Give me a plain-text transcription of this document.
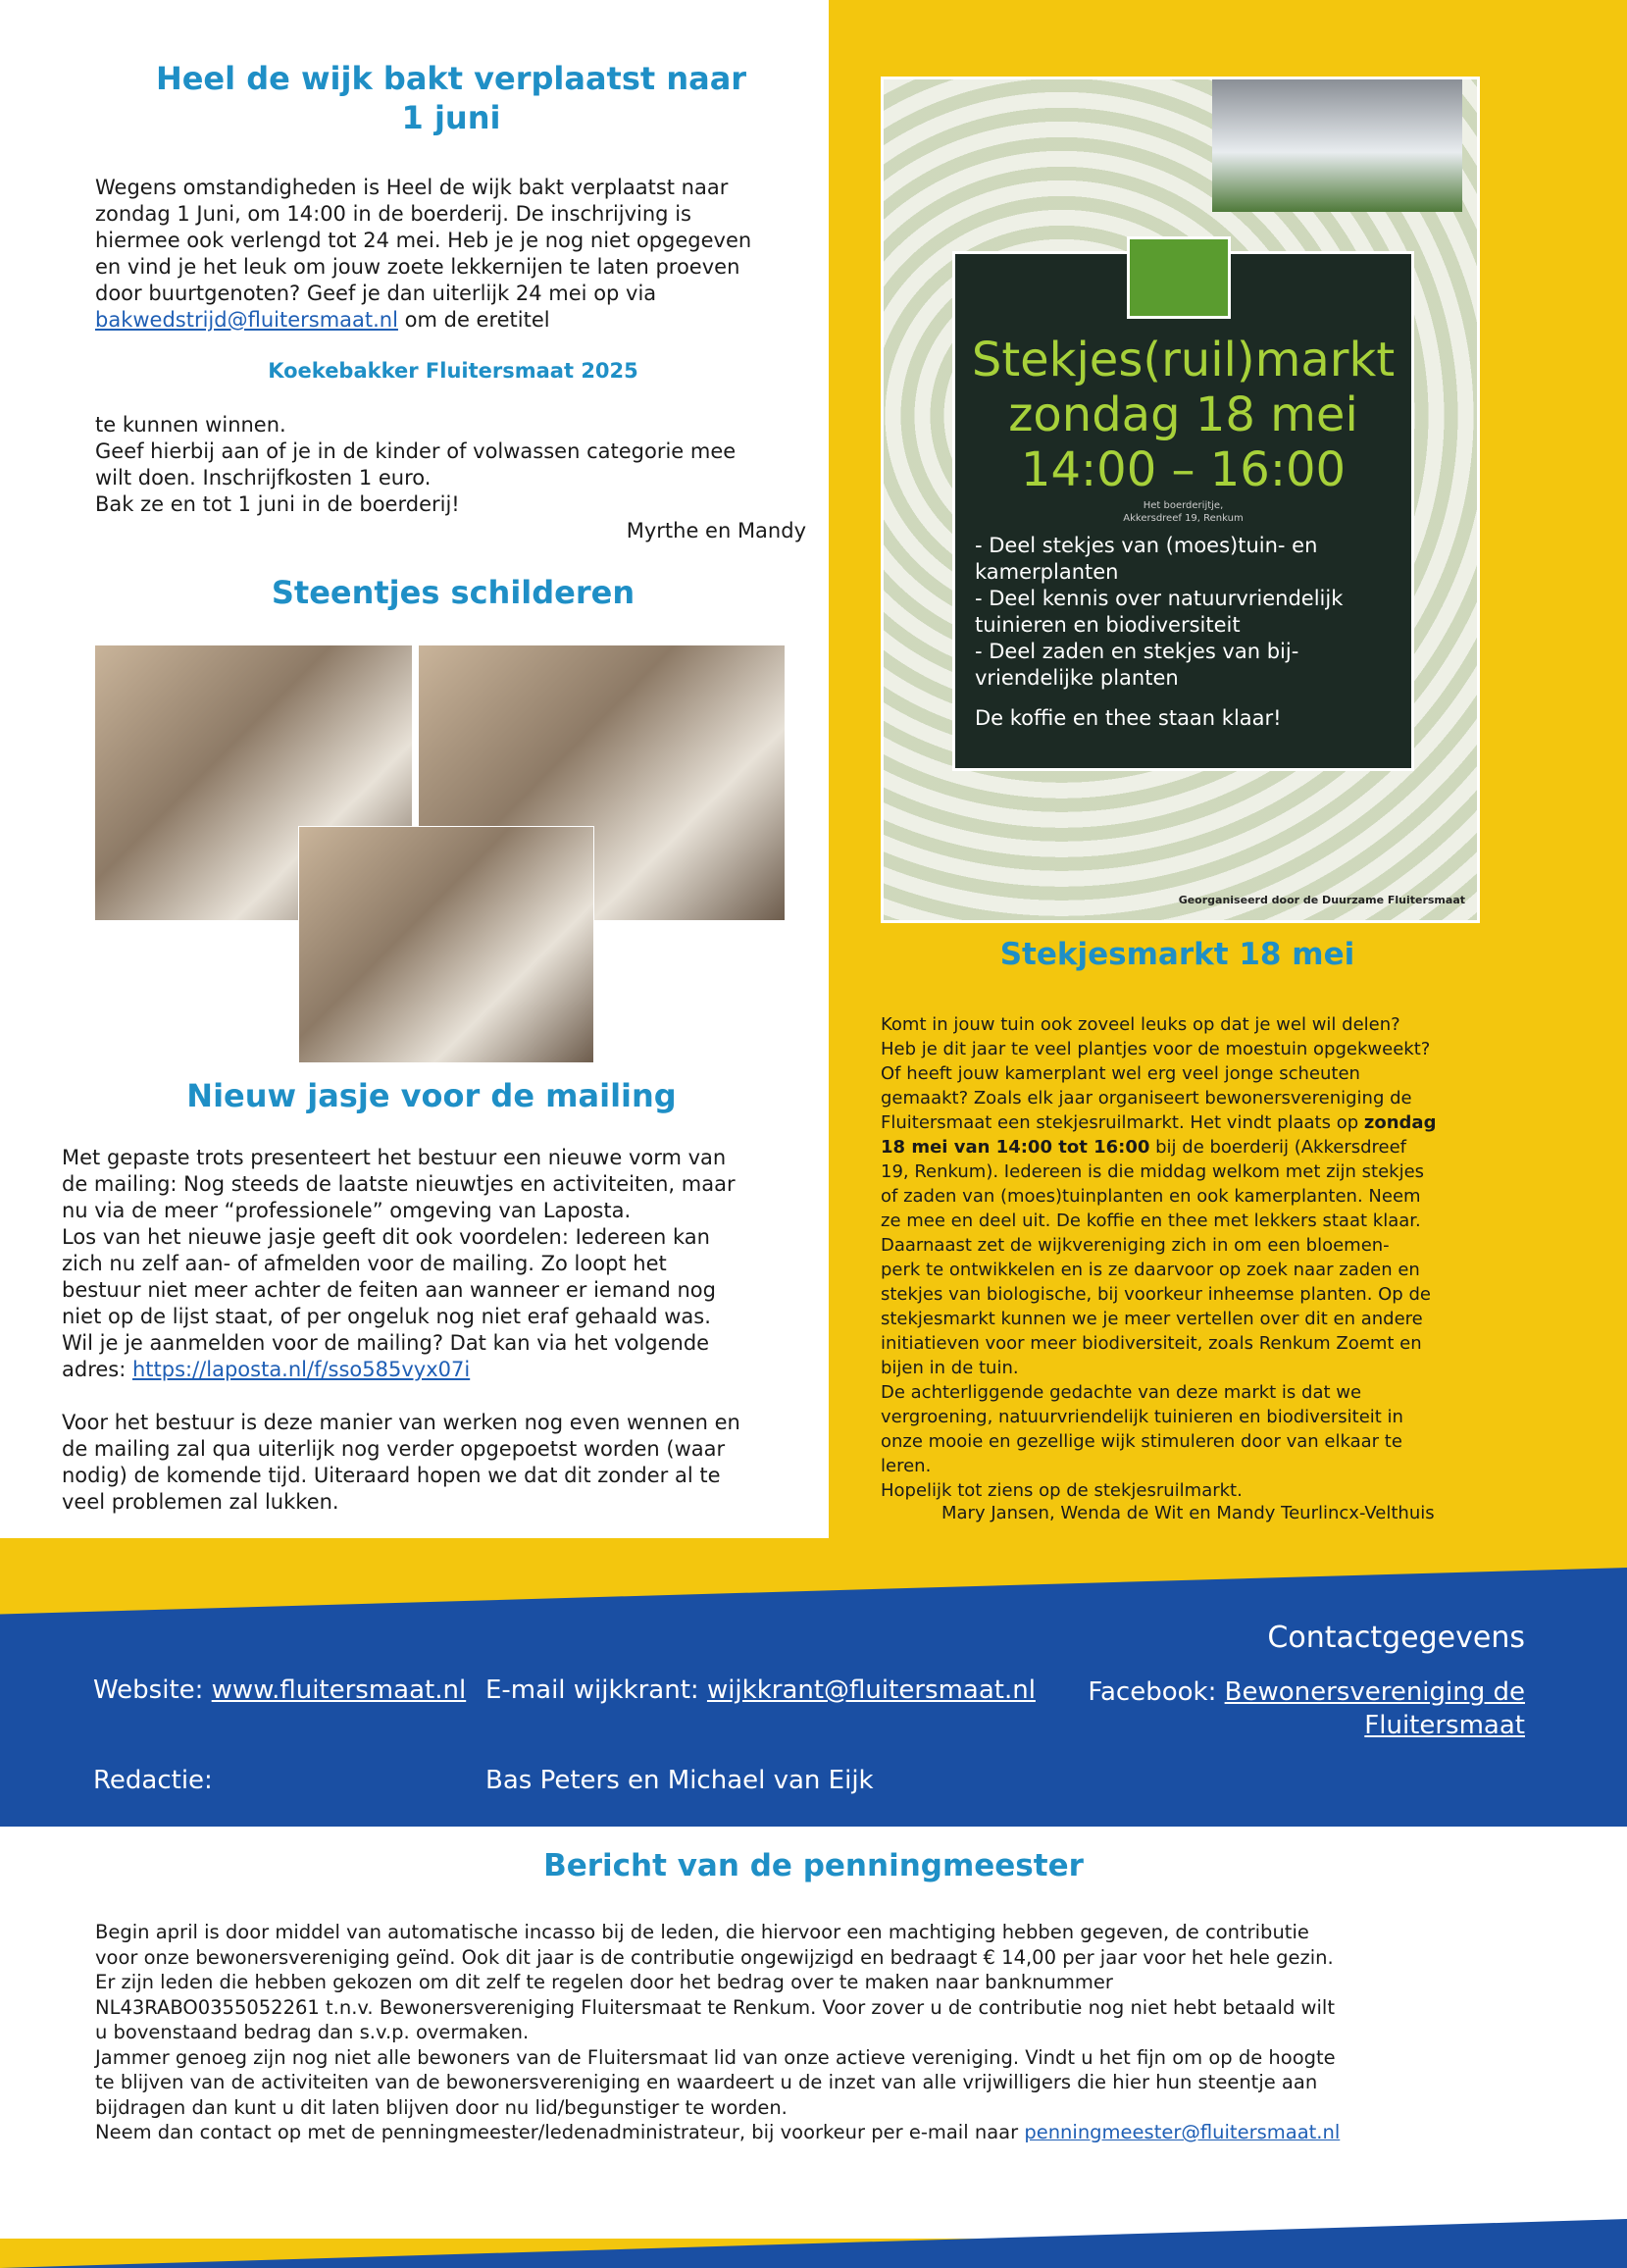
Heel de wijk bakt verplaatst naar
1 juni
Wegens omstandigheden is Heel de wijk bakt verplaatst naar
zondag 1 Juni, om 14:00 in de boerderij. De inschrijving is
hiermee ook verlengd tot 24 mei. Heb je je nog niet opgegeven
en vind je het leuk om jouw zoete lekkernijen te laten proeven
door buurtgenoten? Geef je dan uiterlijk 24 mei op via
bakwedstrijd@fluitersmaat.nl om de eretitel
Koekebakker Fluitersmaat 2025
te kunnen winnen.
Geef hierbij aan of je in de kinder of volwassen categorie mee
wilt doen. Inschrijfkosten 1 euro.
Bak ze en tot 1 juni in de boerderij!
Myrthe en Mandy
Steentjes schilderen
Nieuw jasje voor de mailing
Met gepaste trots presenteert het bestuur een nieuwe vorm van
de mailing: Nog steeds de laatste nieuwtjes en activiteiten, maar
nu via de meer “professionele” omgeving van Laposta.
Los van het nieuwe jasje geeft dit ook voordelen: Iedereen kan
zich nu zelf aan- of afmelden voor de mailing. Zo loopt het
bestuur niet meer achter de feiten aan wanneer er iemand nog
niet op de lijst staat, of per ongeluk nog niet eraf gehaald was.
Wil je je aanmelden voor de mailing? Dat kan via het volgende
adres: https://laposta.nl/f/sso585vyx07i
Voor het bestuur is deze manier van werken nog even wennen en
de mailing zal qua uiterlijk nog verder opgepoetst worden (waar
nodig) de komende tijd. Uiteraard hopen we dat dit zonder al te
veel problemen zal lukken.
Stekjes(ruil)markt
zondag 18 mei
14:00 – 16:00
Het boerderijtje,
Akkersdreef 19, Renkum
- Deel stekjes van (moes)tuin- en
kamerplanten
- Deel kennis over natuurvriendelijk
tuinieren en biodiversiteit
- Deel zaden en stekjes van bij-
vriendelijke planten
De koffie en thee staan klaar!
Georganiseerd door de Duurzame Fluitersmaat
Stekjesmarkt 18 mei
Komt in jouw tuin ook zoveel leuks op dat je wel wil delen?
Heb je dit jaar te veel plantjes voor de moestuin opgekweekt?
Of heeft jouw kamerplant wel erg veel jonge scheuten
gemaakt? Zoals elk jaar organiseert bewonersvereniging de
Fluitersmaat een stekjesruilmarkt. Het vindt plaats op zondag
18 mei van 14:00 tot 16:00 bij de boerderij (Akkersdreef
19, Renkum). Iedereen is die middag welkom met zijn stekjes
of zaden van (moes)tuinplanten en ook kamerplanten. Neem
ze mee en deel uit. De koffie en thee met lekkers staat klaar.
Daarnaast zet de wijkvereniging zich in om een bloemen-
perk te ontwikkelen en is ze daarvoor op zoek naar zaden en
stekjes van biologische, bij voorkeur inheemse planten. Op de
stekjesmarkt kunnen we je meer vertellen over dit en andere
initiatieven voor meer biodiversiteit, zoals Renkum Zoemt en
bijen in de tuin.
De achterliggende gedachte van deze markt is dat we
vergroening, natuurvriendelijk tuinieren en biodiversiteit in
onze mooie en gezellige wijk stimuleren door van elkaar te
leren.
Hopelijk tot ziens op de stekjesruilmarkt.
Mary Jansen, Wenda de Wit en Mandy Teurlincx-Velthuis
Contactgegevens
Website: www.fluitersmaat.nl E-mail wijkkrant: wijkkrant@fluitersmaat.nl	Facebook: Bewonersvereniging de
Fluitersmaat
Redactie:	Bas Peters en Michael van Eijk
Bericht van de penningmeester
Begin april is door middel van automatische incasso bij de leden, die hiervoor een machtiging hebben gegeven, de contributie
voor onze bewonersvereniging geïnd. Ook dit jaar is de contributie ongewijzigd en bedraagt € 14,00 per jaar voor het hele gezin.
Er zijn leden die hebben gekozen om dit zelf te regelen door het bedrag over te maken naar banknummer
NL43RABO0355052261 t.n.v. Bewonersvereniging Fluitersmaat te Renkum. Voor zover u de contributie nog niet hebt betaald wilt
u bovenstaand bedrag dan s.v.p. overmaken.
Jammer genoeg zijn nog niet alle bewoners van de Fluitersmaat lid van onze actieve vereniging. Vindt u het fijn om op de hoogte
te blijven van de activiteiten van de bewonersvereniging en waardeert u de inzet van alle vrijwilligers die hier hun steentje aan
bijdragen dan kunt u dit laten blijven door nu lid/begunstiger te worden.
Neem dan contact op met de penningmeester/ledenadministrateur, bij voorkeur per e-mail naar penningmeester@fluitersmaat.nl
